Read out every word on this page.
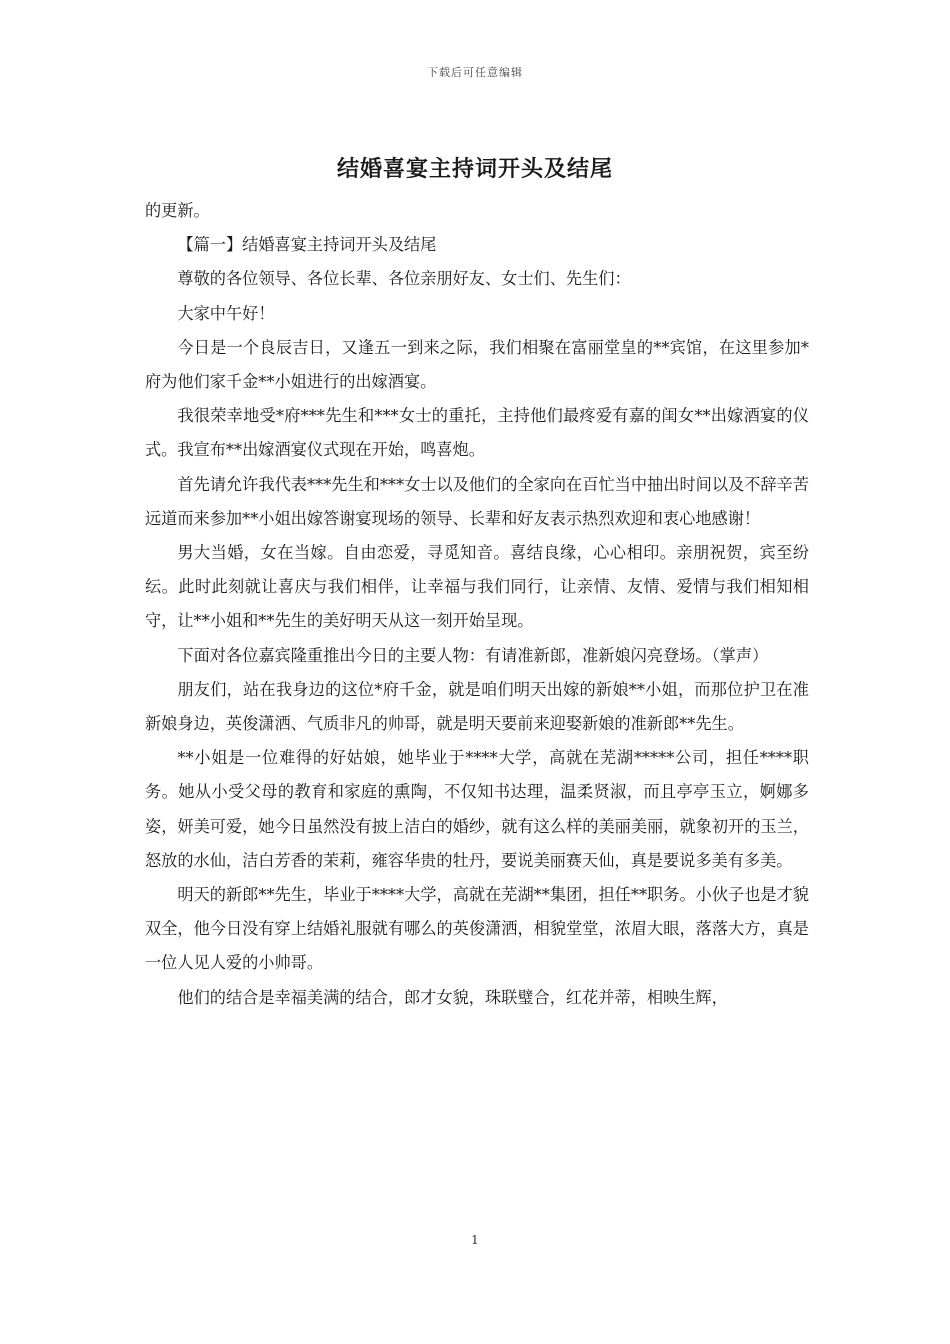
下载后可任意编辑
结婚喜宴主持词开头及结尾

的更新。

【篇一】结婚喜宴主持词开头及结尾

尊敬的各位领导、各位长辈、各位亲朋好友、女士们、先生们：

大家中午好！

今日是一个良辰吉日，又逢五一到来之际，我们相聚在富丽堂皇的**宾馆，在这里参加*府为他们家千金**小姐进行的出嫁酒宴。

我很荣幸地受*府***先生和***女士的重托，主持他们最疼爱有嘉的闺女**出嫁酒宴的仪式。我宣布**出嫁酒宴仪式现在开始，鸣喜炮。

首先请允许我代表***先生和***女士以及他们的全家向在百忙当中抽出时间以及不辞辛苦远道而来参加**小姐出嫁答谢宴现场的领导、长辈和好友表示热烈欢迎和衷心地感谢！

男大当婚，女在当嫁。自由恋爱，寻觅知音。喜结良缘，心心相印。亲朋祝贺，宾至纷纭。此时此刻就让喜庆与我们相伴，让幸福与我们同行，让亲情、友情、爱情与我们相知相守，让**小姐和**先生的美好明天从这一刻开始呈现。

下面对各位嘉宾隆重推出今日的主要人物：有请准新郎，准新娘闪亮登场。（掌声）

朋友们，站在我身边的这位*府千金，就是咱们明天出嫁的新娘**小姐，而那位护卫在准新娘身边，英俊潇洒、气质非凡的帅哥，就是明天要前来迎娶新娘的准新郎**先生。

**小姐是一位难得的好姑娘，她毕业于****大学，高就在芜湖*****公司，担任****职务。她从小受父母的教育和家庭的熏陶，不仅知书达理，温柔贤淑，而且亭亭玉立，婀娜多姿，妍美可爱，她今日虽然没有披上洁白的婚纱，就有这么样的美丽美丽，就象初开的玉兰，怒放的水仙，洁白芳香的茉莉，雍容华贵的牡丹，要说美丽赛天仙，真是要说多美有多美。

明天的新郎**先生，毕业于****大学，高就在芜湖**集团，担任**职务。小伙子也是才貌双全，他今日没有穿上结婚礼服就有哪么的英俊潇洒，相貌堂堂，浓眉大眼，落落大方，真是一位人见人爱的小帅哥。

他们的结合是幸福美满的结合，郎才女貌，珠联璧合，红花并蒂，相映生辉，

1
